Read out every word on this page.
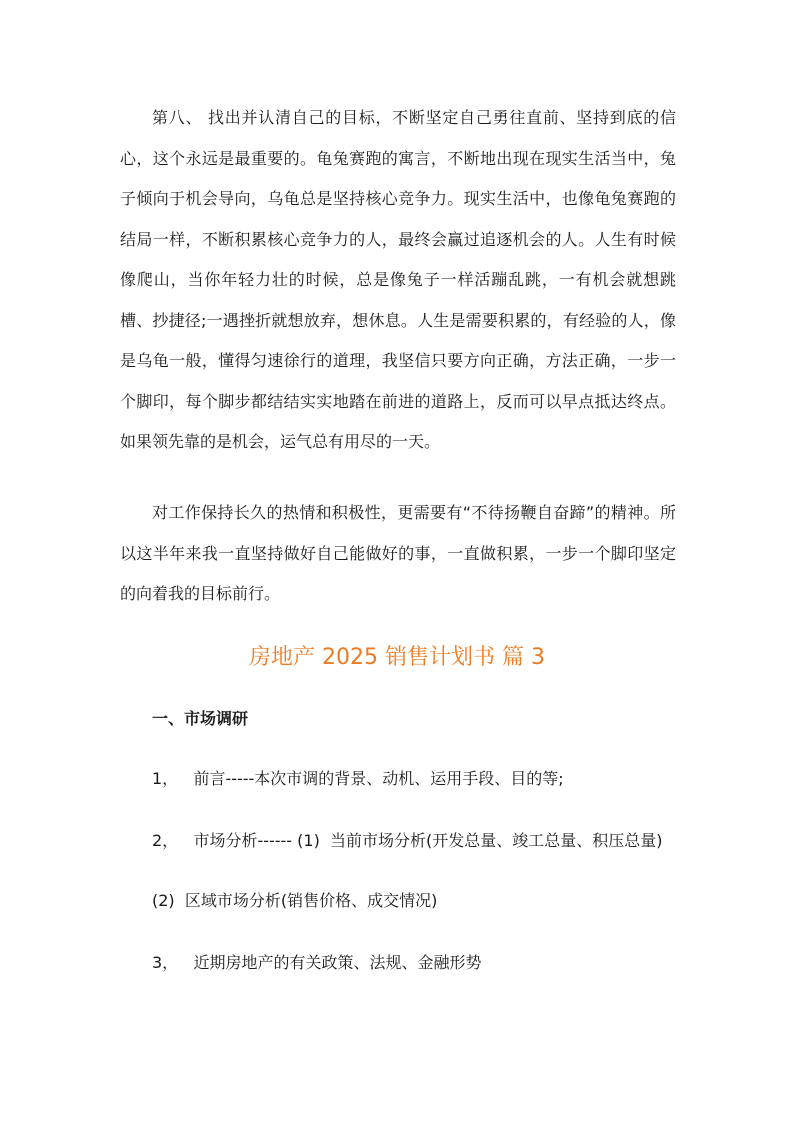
第八、 找出并认清自己的目标，不断坚定自己勇往直前、坚持到底的信心，这个永远是最重要的。龟兔赛跑的寓言，不断地出现在现实生活当中，兔子倾向于机会导向，乌龟总是坚持核心竞争力。现实生活中，也像龟兔赛跑的结局一样，不断积累核心竞争力的人，最终会赢过追逐机会的人。人生有时候像爬山，当你年轻力壮的时候，总是像兔子一样活蹦乱跳，一有机会就想跳槽、抄捷径;一遇挫折就想放弃，想休息。人生是需要积累的，有经验的人，像是乌龟一般，懂得匀速徐行的道理，我坚信只要方向正确，方法正确，一步一个脚印，每个脚步都结结实实地踏在前进的道路上，反而可以早点抵达终点。如果领先靠的是机会，运气总有用尽的一天。

对工作保持长久的热情和积极性，更需要有“不待扬鞭自奋蹄”的精神。所以这半年来我一直坚持做好自己能做好的事，一直做积累，一步一个脚印坚定的向着我的目标前行。

房地产 2025 销售计划书 篇 3

一、市场调研

1，   前言-----本次市调的背景、动机、运用手段、目的等;

2，   市场分析------ (1)  当前市场分析(开发总量、竣工总量、积压总量)

(2)  区域市场分析(销售价格、成交情况)

3，   近期房地产的有关政策、法规、金融形势
